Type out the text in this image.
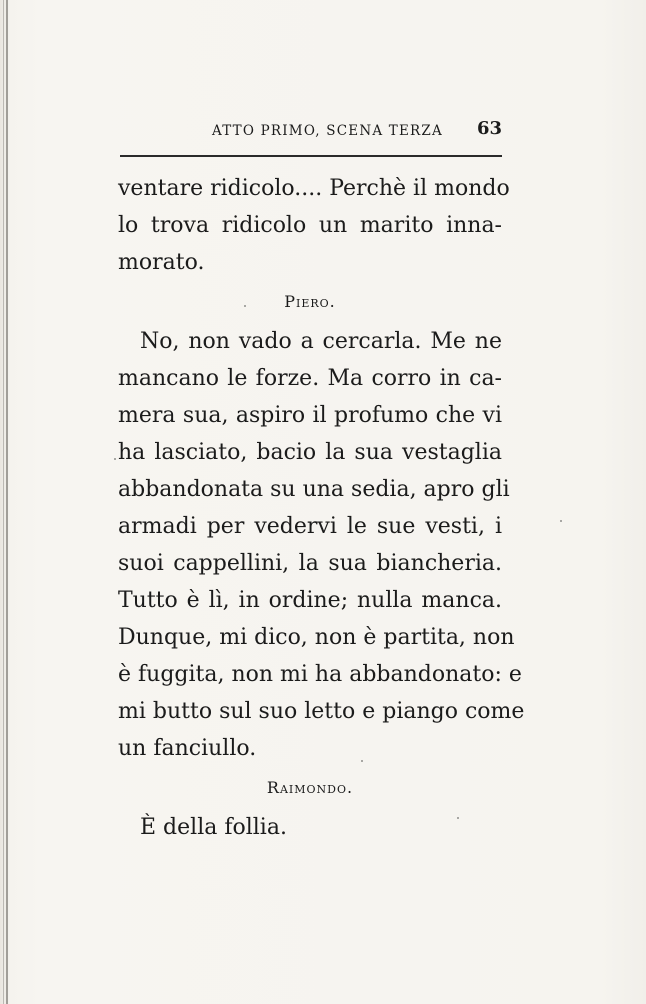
ATTO PRIMO, SCENA TERZA 63
ventare ridicolo.... Perchè il mondo
lo trova ridicolo un marito inna-
morato.
Piero.
No, non vado a cercarla. Me ne
mancano le forze. Ma corro in ca-
mera sua, aspiro il profumo che vi
ha lasciato, bacio la sua vestaglia
abbandonata su una sedia, apro gli
armadi per vedervi le sue vesti, i
suoi cappellini, la sua biancheria.
Tutto è lì, in ordine; nulla manca.
Dunque, mi dico, non è partita, non
è fuggita, non mi ha abbandonato: e
mi butto sul suo letto e piango come
un fanciullo.
Raimondo.
È della follia.
